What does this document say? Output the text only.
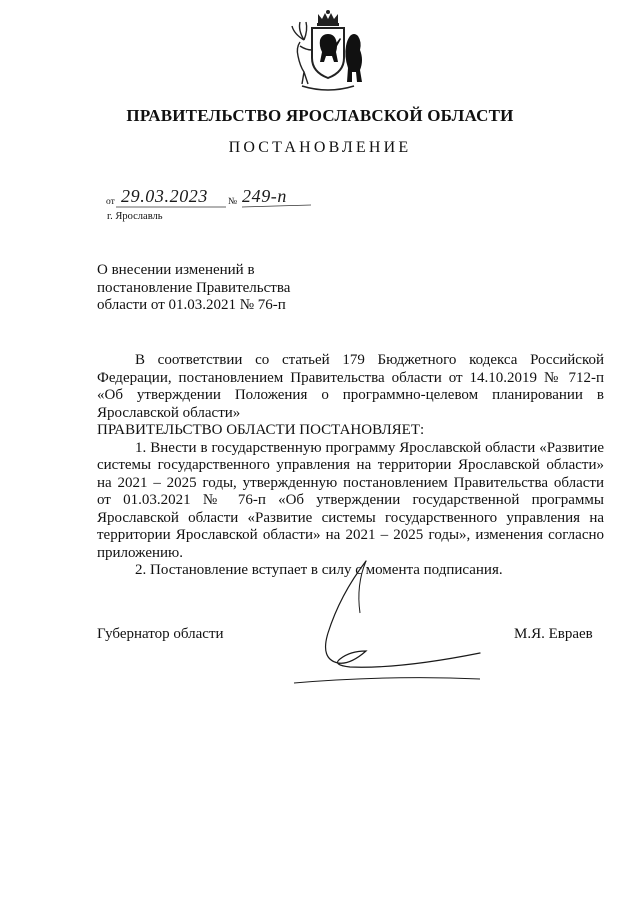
ПРАВИТЕЛЬСТВО ЯРОСЛАВСКОЙ ОБЛАСТИ
ПОСТАНОВЛЕНИЕ
от 29.03.2023 № 249-п
г. Ярославль
О внесении изменений в постановление Правительства области от 01.03.2021 № 76-п

В соответствии со статьей 179 Бюджетного кодекса Российской Федерации, постановлением Правительства области от 14.10.2019 № 712-п «Об утверждении Положения о программно-целевом планировании в Ярославской области»

ПРАВИТЕЛЬСТВО ОБЛАСТИ ПОСТАНОВЛЯЕТ:

1. Внести в государственную программу Ярославской области «Развитие системы государственного управления на территории Ярославской области» на 2021 – 2025 годы, утвержденную постановлением Правительства области от 01.03.2021 № 76-п «Об утверждении государственной программы Ярославской области «Развитие системы государственного управления на территории Ярославской области» на 2021 – 2025 годы», изменения согласно приложению.

2. Постановление вступает в силу с момента подписания.

Губернатор области	М.Я. Евраев
